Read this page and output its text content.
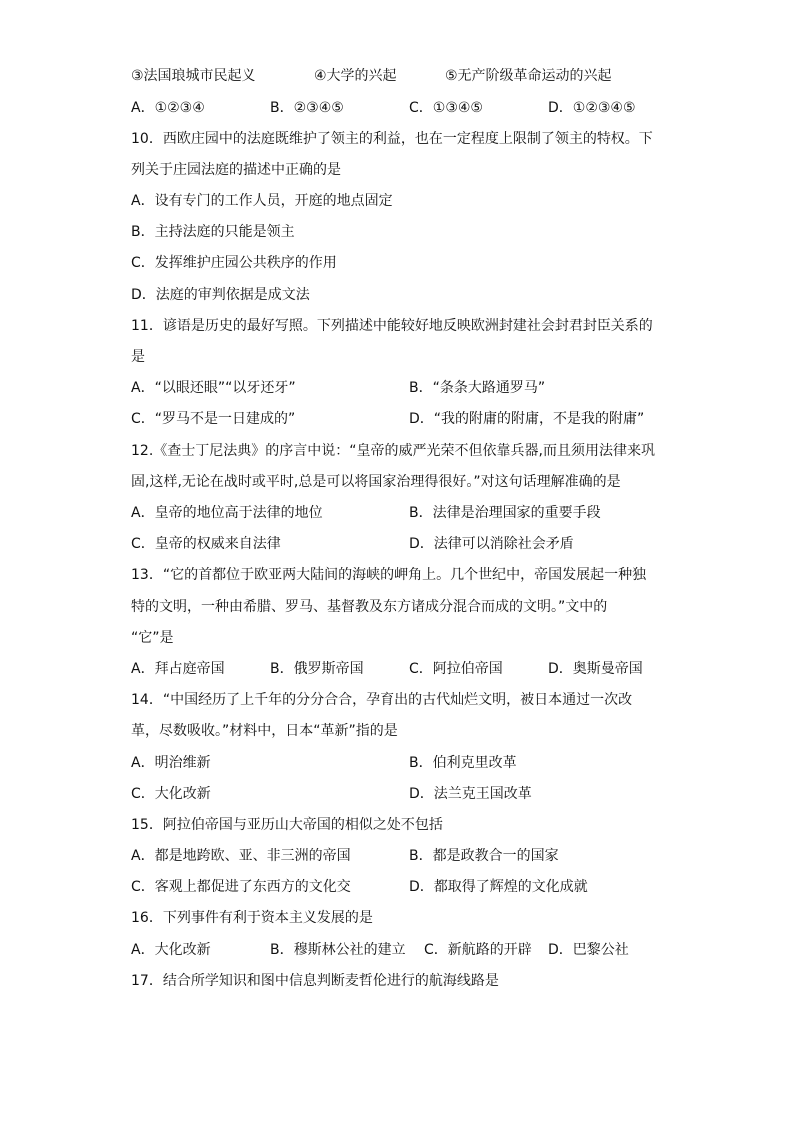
③法国琅城市民起义	④大学的兴起	⑤无产阶级革命运动的兴起
A．①②③④	B．②③④⑤	C．①③④⑤	D．①②③④⑤
10．西欧庄园中的法庭既维护了领主的利益，也在一定程度上限制了领主的特权。下
列关于庄园法庭的描述中正确的是
A．设有专门的工作人员，开庭的地点固定
B．主持法庭的只能是领主
C．发挥维护庄园公共秩序的作用
D．法庭的审判依据是成文法
11．谚语是历史的最好写照。下列描述中能较好地反映欧洲封建社会封君封臣关系的
是
A．“以眼还眼”“以牙还牙”	B．“条条大路通罗马”
C．“罗马不是一日建成的”	D．“我的附庸的附庸，不是我的附庸”
12.《查士丁尼法典》的序言中说：“皇帝的威严光荣不但依靠兵器,而且须用法律来巩
固,这样,无论在战时或平时,总是可以将国家治理得很好。”对这句话理解准确的是
A．皇帝的地位高于法律的地位	B．法律是治理国家的重要手段
C．皇帝的权威来自法律	D．法律可以消除社会矛盾
13．“它的首都位于欧亚两大陆间的海峡的岬角上。几个世纪中，帝国发展起一种独
特的文明，一种由希腊、罗马、基督教及东方诸成分混合而成的文明。”文中的
“它”是
A．拜占庭帝国	B．俄罗斯帝国	C．阿拉伯帝国	D．奥斯曼帝国
14．“中国经历了上千年的分分合合，孕育出的古代灿烂文明，被日本通过一次改
革，尽数吸收。”材料中，日本“革新”指的是
A．明治维新	B．伯利克里改革
C．大化改新	D．法兰克王国改革
15．阿拉伯帝国与亚历山大帝国的相似之处不包括
A．都是地跨欧、亚、非三洲的帝国	B．都是政教合一的国家
C．客观上都促进了东西方的文化交	D．都取得了辉煌的文化成就
16．下列事件有利于资本主义发展的是
A．大化改新	B．穆斯林公社的建立 C．新航路的开辟 D．巴黎公社
17．结合所学知识和图中信息判断麦哲伦进行的航海线路是
